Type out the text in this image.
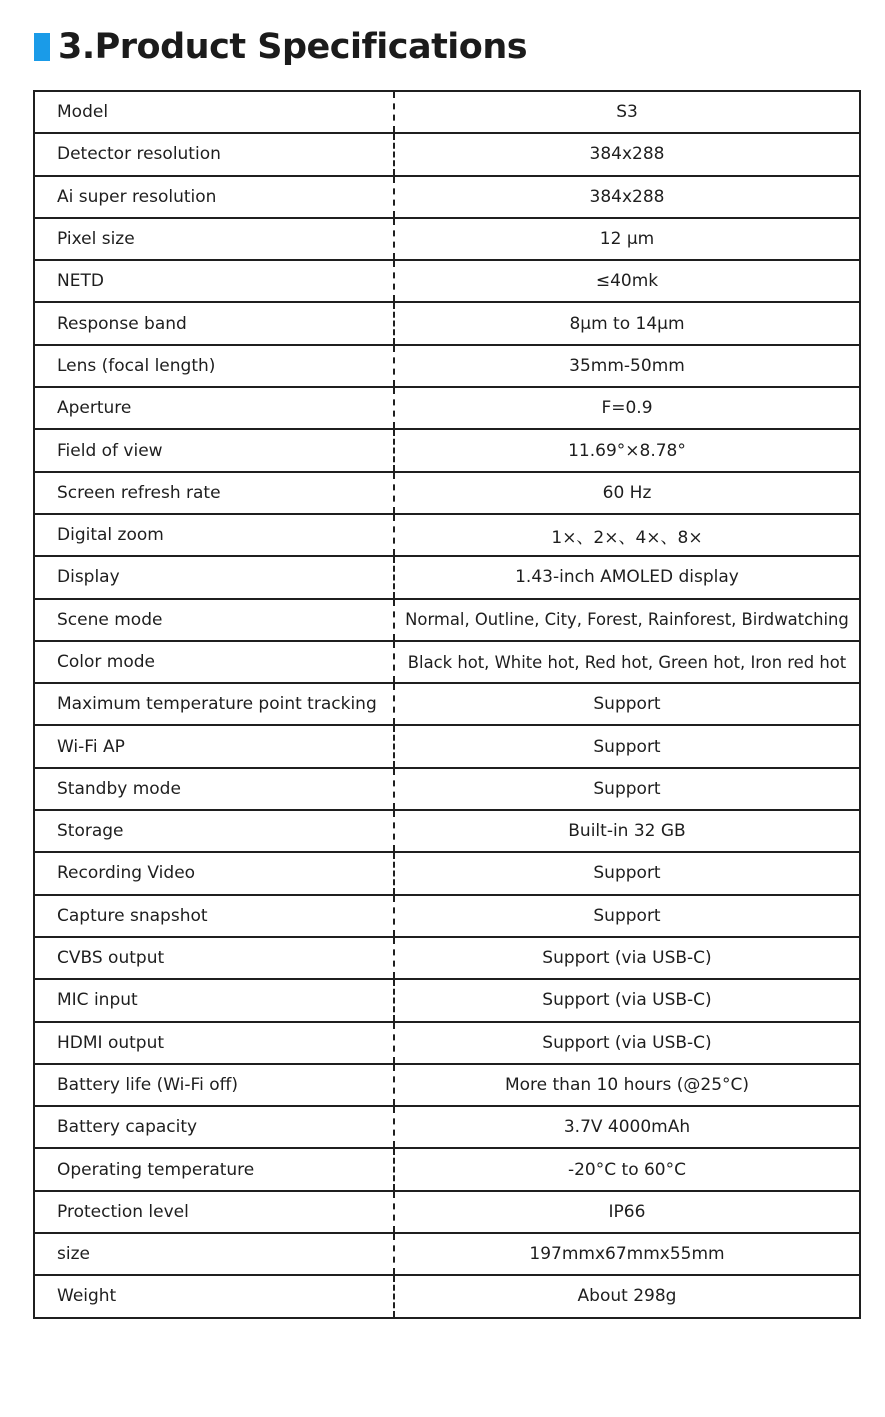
3.Product Specifications
Model	S3
Detector resolution	384x288
Ai super resolution	384x288
Pixel size	12 μm
NETD	≤40mk
Response band	8μm to 14μm
Lens (focal length)	35mm-50mm
Aperture	F=0.9
Field of view	11.69°×8.78°
Screen refresh rate	60 Hz
Digital zoom	1×、2×、4×、8×
Display	1.43-inch AMOLED display
Scene mode	Normal, Outline, City, Forest, Rainforest, Birdwatching
Color mode	Black hot, White hot, Red hot, Green hot, Iron red hot
Maximum temperature point tracking	Support
Wi-Fi AP	Support
Standby mode	Support
Storage	Built-in 32 GB
Recording Video	Support
Capture snapshot	Support
CVBS output	Support (via USB-C)
MIC input	Support (via USB-C)
HDMI output	Support (via USB-C)
Battery life (Wi-Fi off)	More than 10 hours (@25°C)
Battery capacity	3.7V 4000mAh
Operating temperature	-20°C to 60°C
Protection level	IP66
size	197mmx67mmx55mm
Weight	About 298g
